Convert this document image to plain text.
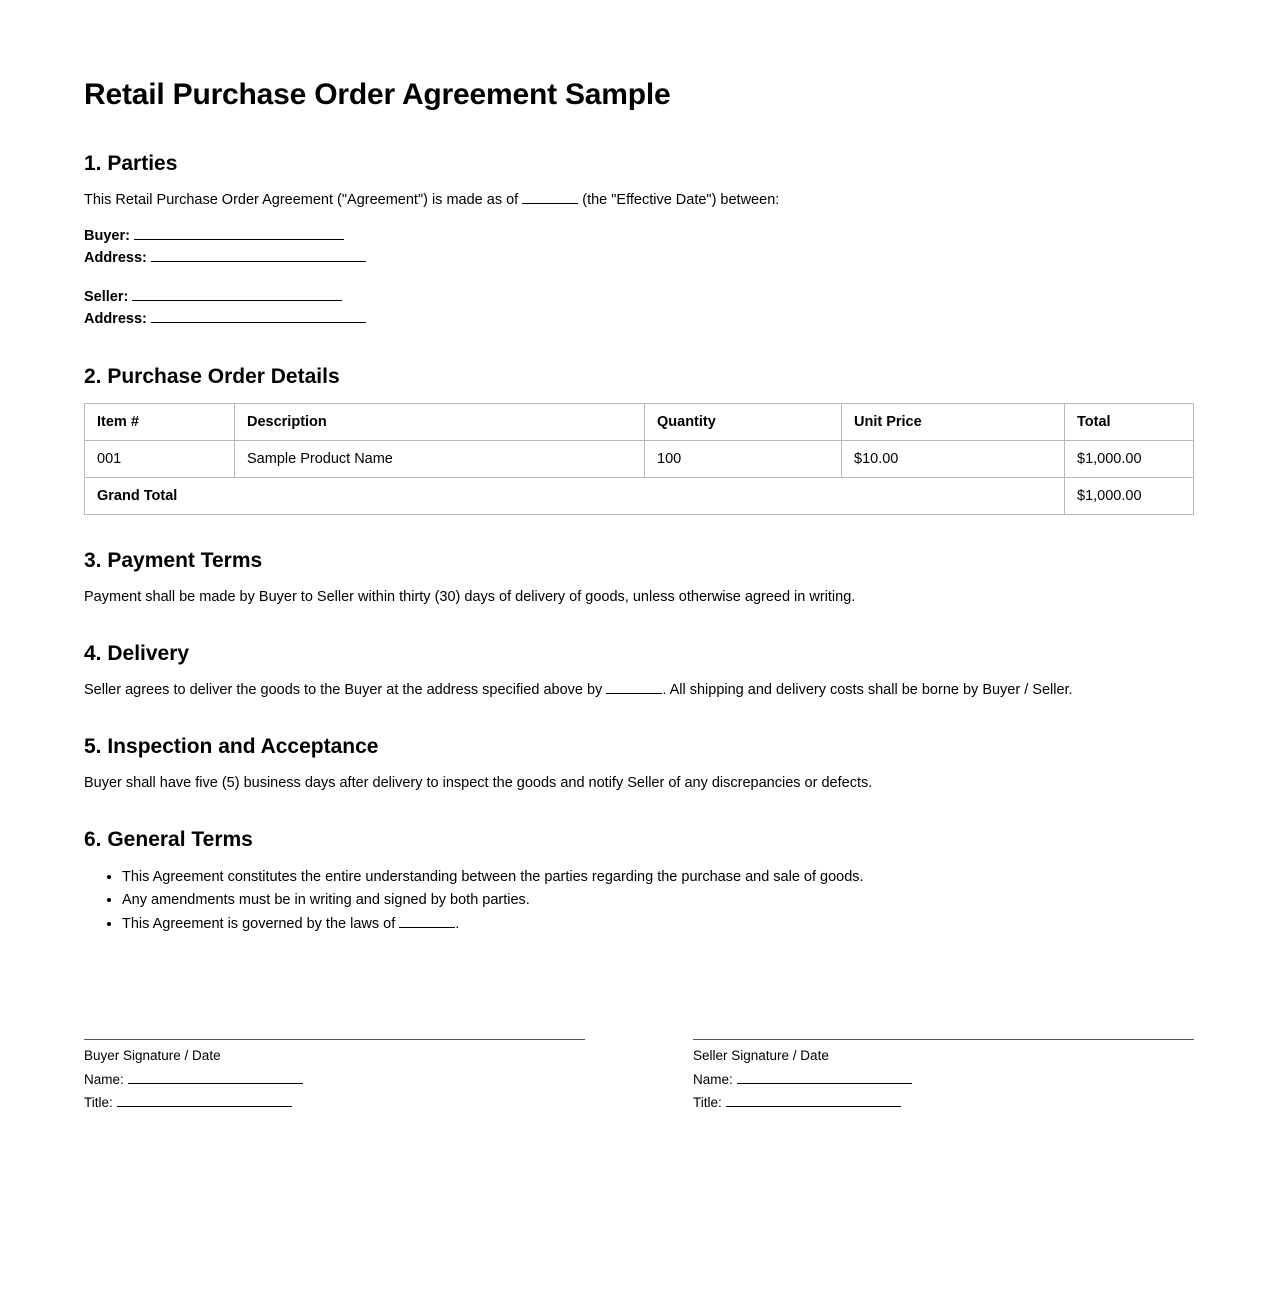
Retail Purchase Order Agreement Sample
1. Parties

This Retail Purchase Order Agreement ("Agreement") is made as of	(the "Effective Date") between:

Buyer:
Address:
Seller:
Address:
2. Purchase Order Details
Item #	Description	Quantity	Unit Price	Total
001	Sample Product Name	100	$10.00	$1,000.00
Grand Total				$1,000.00
3. Payment Terms

Payment shall be made by Buyer to Seller within thirty (30) days of delivery of goods, unless otherwise agreed in writing.

4. Delivery

Seller agrees to deliver the goods to the Buyer at the address specified above by	. All shipping and delivery costs shall be borne by Buyer / Seller.

5. Inspection and Acceptance

Buyer shall have five (5) business days after delivery to inspect the goods and notify Seller of any discrepancies or defects.

6. General Terms
• This Agreement constitutes the entire understanding between the parties regarding the purchase and sale of goods.
• Any amendments must be in writing and signed by both parties.
• This Agreement is governed by the laws of	.
Buyer Signature / Date
Name:
Title:
Seller Signature / Date
Name:
Title:
